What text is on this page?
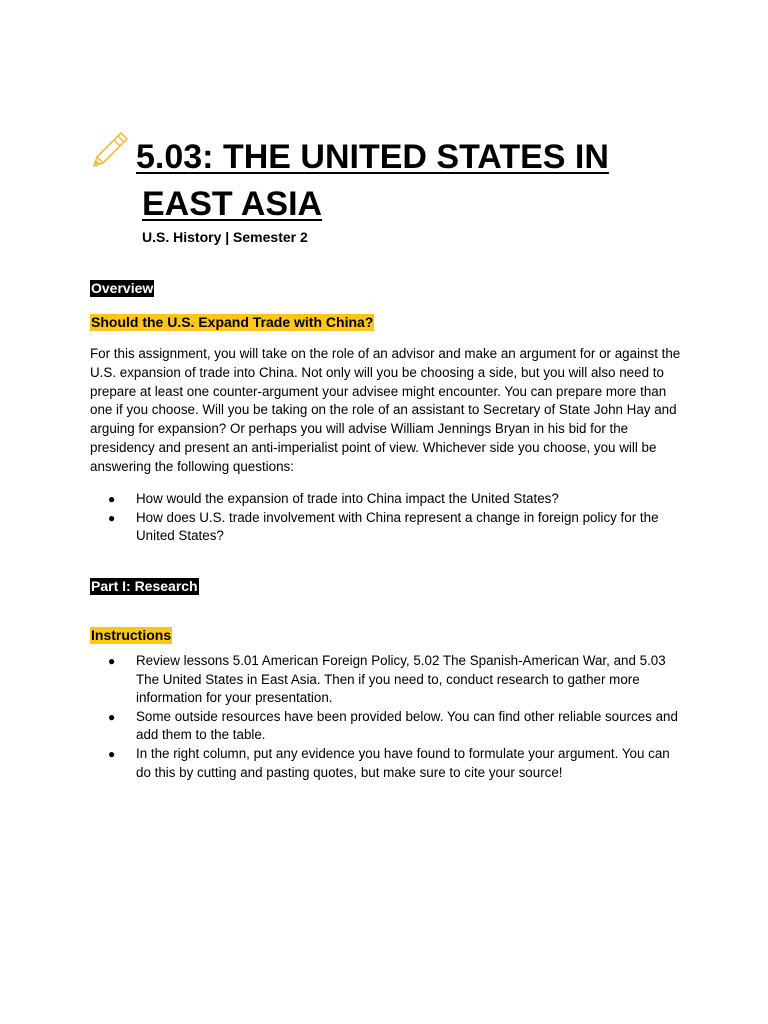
5.03: THE UNITED STATES IN
EAST ASIA
U.S. History | Semester 2
Overview
Should the U.S. Expand Trade with China?
For this assignment, you will take on the role of an advisor and make an argument for or against the U.S. expansion of trade into China. Not only will you be choosing a side, but you will also need to prepare at least one counter-argument your advisee might encounter. You can prepare more than one if you choose. Will you be taking on the role of an assistant to Secretary of State John Hay and arguing for expansion? Or perhaps you will advise William Jennings Bryan in his bid for the presidency and present an anti-imperialist point of view. Whichever side you choose, you will be answering the following questions:
● How would the expansion of trade into China impact the United States?
● How does U.S. trade involvement with China represent a change in foreign policy for the United States?
Part I: Research
Instructions
● Review lessons 5.01 American Foreign Policy, 5.02 The Spanish-American War, and 5.03 The United States in East Asia. Then if you need to, conduct research to gather more information for your presentation.
● Some outside resources have been provided below. You can find other reliable sources and add them to the table.
● In the right column, put any evidence you have found to formulate your argument. You can do this by cutting and pasting quotes, but make sure to cite your source!
